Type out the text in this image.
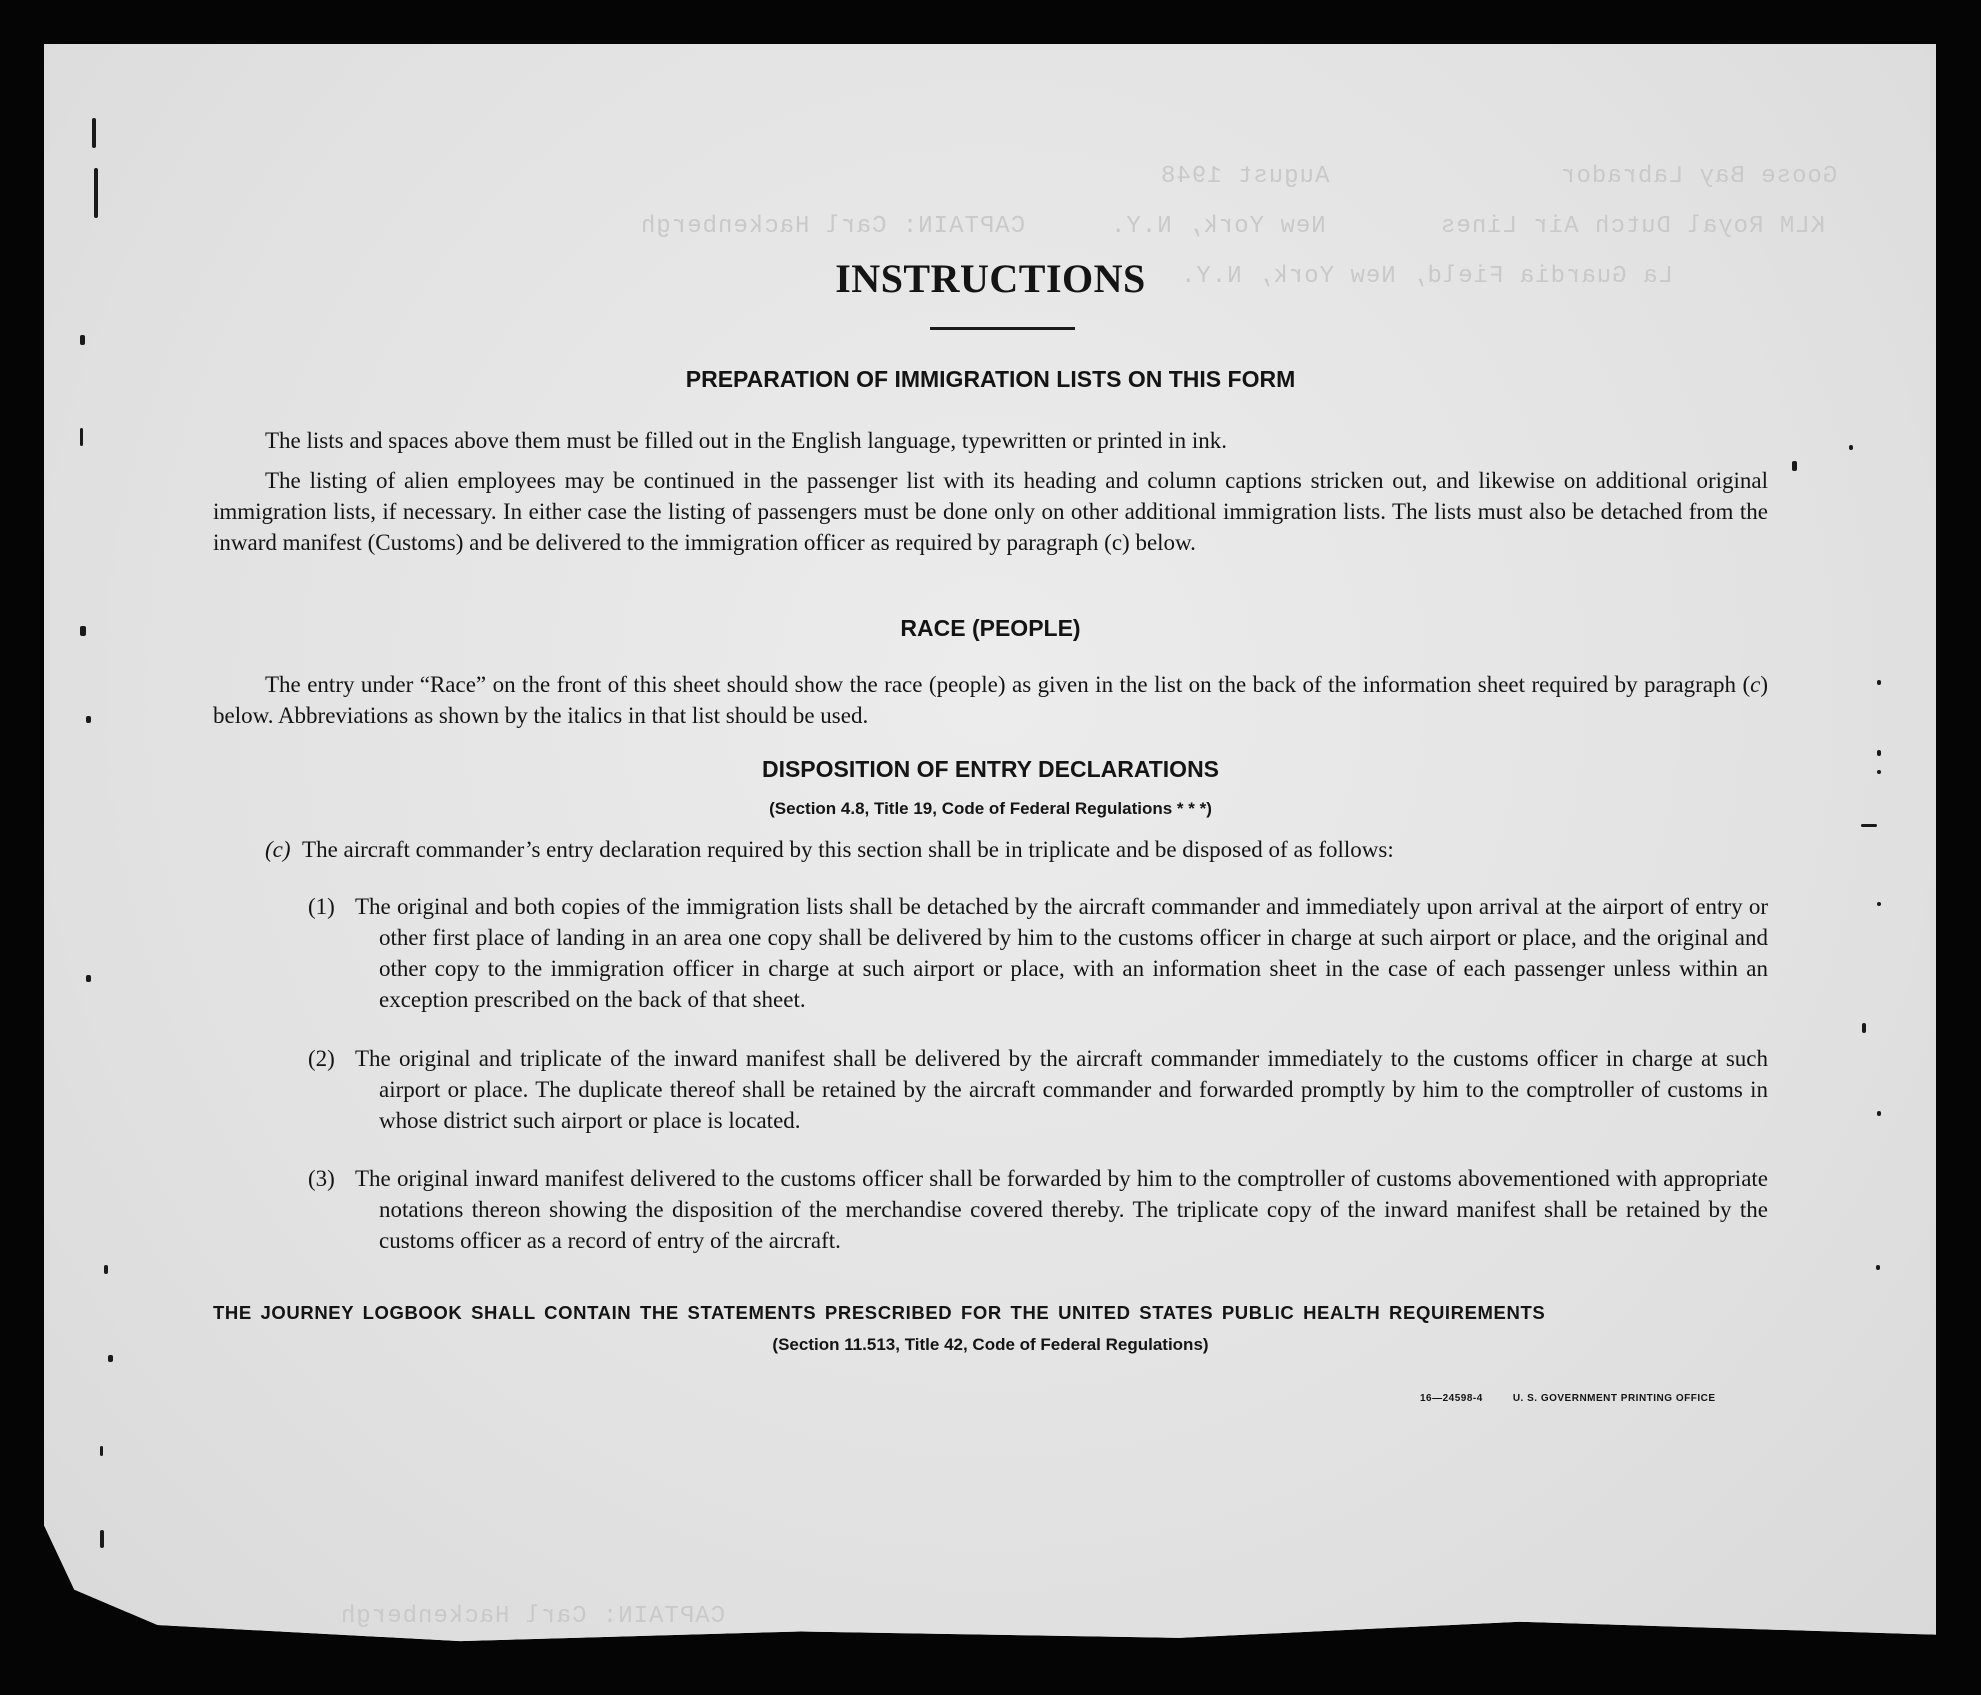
Goose Bay Labrador
August 1948
KLM Royal Dutch Air Lines
New York, N.Y.
CAPTAIN: Carl Hackenbergh
La Guardia Field, New York, N.Y.
CAPTAIN: Carl Hackenbergh
INSTRUCTIONS
PREPARATION OF IMMIGRATION LISTS ON THIS FORM

The lists and spaces above them must be filled out in the English language, typewritten or printed in ink.

The listing of alien employees may be continued in the passenger list with its heading and column captions stricken out, and likewise on additional original immigration lists, if necessary. In either case the listing of passengers must be done only on other additional immigration lists. The lists must also be detached from the inward manifest (Customs) and be delivered to the immigration officer as required by paragraph (c) below.

RACE (PEOPLE)

The entry under “Race” on the front of this sheet should show the race (people) as given in the list on the back of the information sheet required by paragraph (c) below. Abbreviations as shown by the italics in that list should be used.

DISPOSITION OF ENTRY DECLARATIONS
(Section 4.8, Title 19, Code of Federal Regulations * * *)

(c) The aircraft commander’s entry declaration required by this section shall be in triplicate and be disposed of as follows:

(1) The original and both copies of the immigration lists shall be detached by the aircraft commander and immediately upon arrival at the airport of entry or other first place of landing in an area one copy shall be delivered by him to the customs officer in charge at such airport or place, and the original and other copy to the immigration officer in charge at such airport or place, with an information sheet in the case of each passenger unless within an exception prescribed on the back of that sheet.

(2) The original and triplicate of the inward manifest shall be delivered by the aircraft commander immediately to the customs officer in charge at such airport or place. The duplicate thereof shall be retained by the aircraft commander and forwarded promptly by him to the comptroller of customs in whose district such airport or place is located.

(3) The original inward manifest delivered to the customs officer shall be forwarded by him to the comptroller of customs abovementioned with appropriate notations thereon showing the disposition of the merchandise covered thereby. The triplicate copy of the inward manifest shall be retained by the customs officer as a record of entry of the aircraft.

THE JOURNEY LOGBOOK SHALL CONTAIN THE STATEMENTS PRESCRIBED FOR THE UNITED STATES PUBLIC HEALTH REQUIREMENTS
(Section 11.513, Title 42, Code of Federal Regulations)
16—24598-4	U. S. GOVERNMENT PRINTING OFFICE
